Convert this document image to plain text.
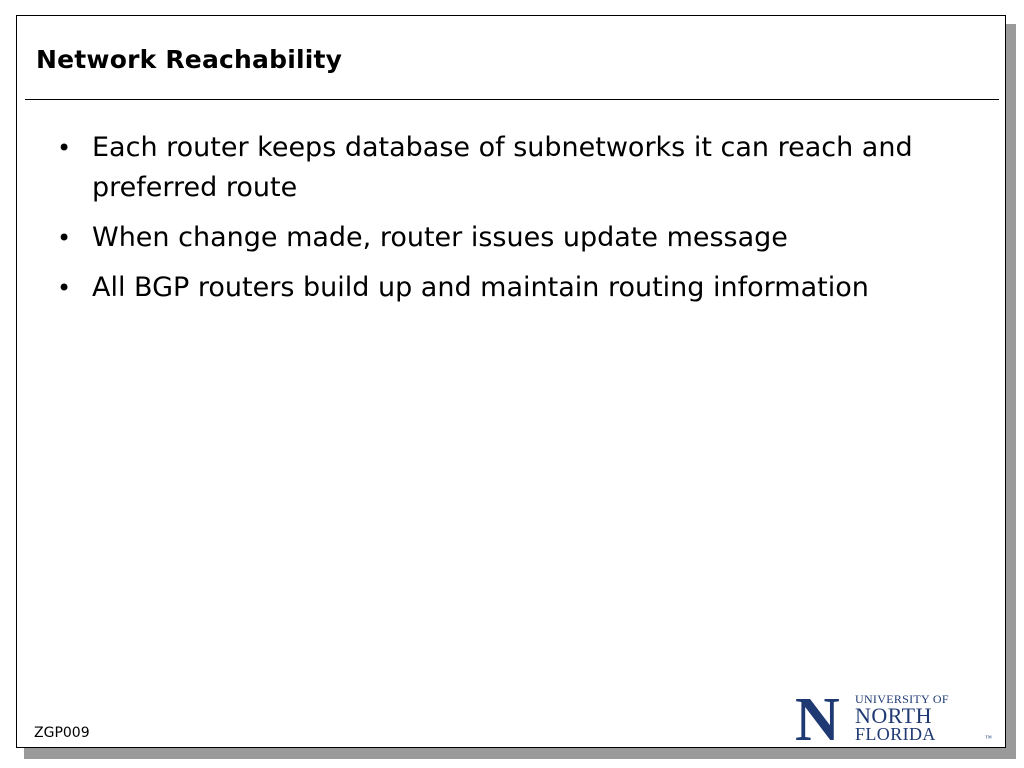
Network Reachability
• Each router keeps database of subnetworks it can reach and preferred route
• When change made, router issues update message
• All BGP routers build up and maintain routing information
ZGP009	N UNIVERSITY OF
NORTH
FLORIDA	™
